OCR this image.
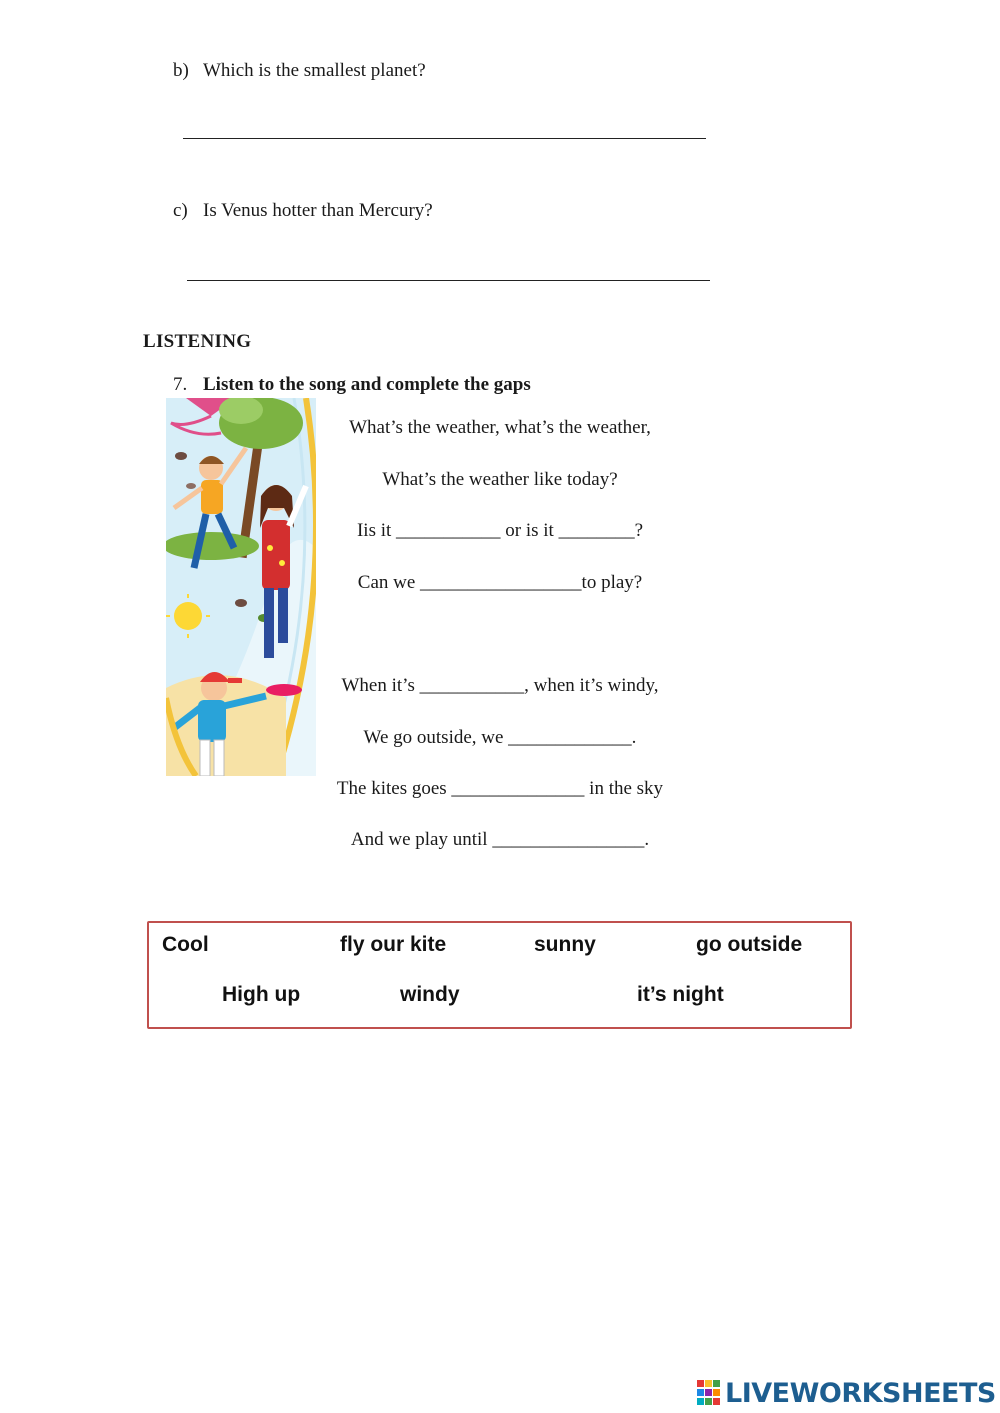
b) Which is the smallest planet?
c) Is Venus hotter than Mercury?
LISTENING
7. Listen to the song and complete the gaps
What’s the weather, what’s the weather,
What’s the weather like today?
Iis it ___________ or is it ________?
Can we _________________to play?
When it’s ___________, when it’s windy,
We go outside, we _____________.
The kites goes ______________ in the sky
And we play until ________________.
Cool	fly our kite	sunny	go outside
High up	windy	it’s night
LIVEWORKSHEETS
